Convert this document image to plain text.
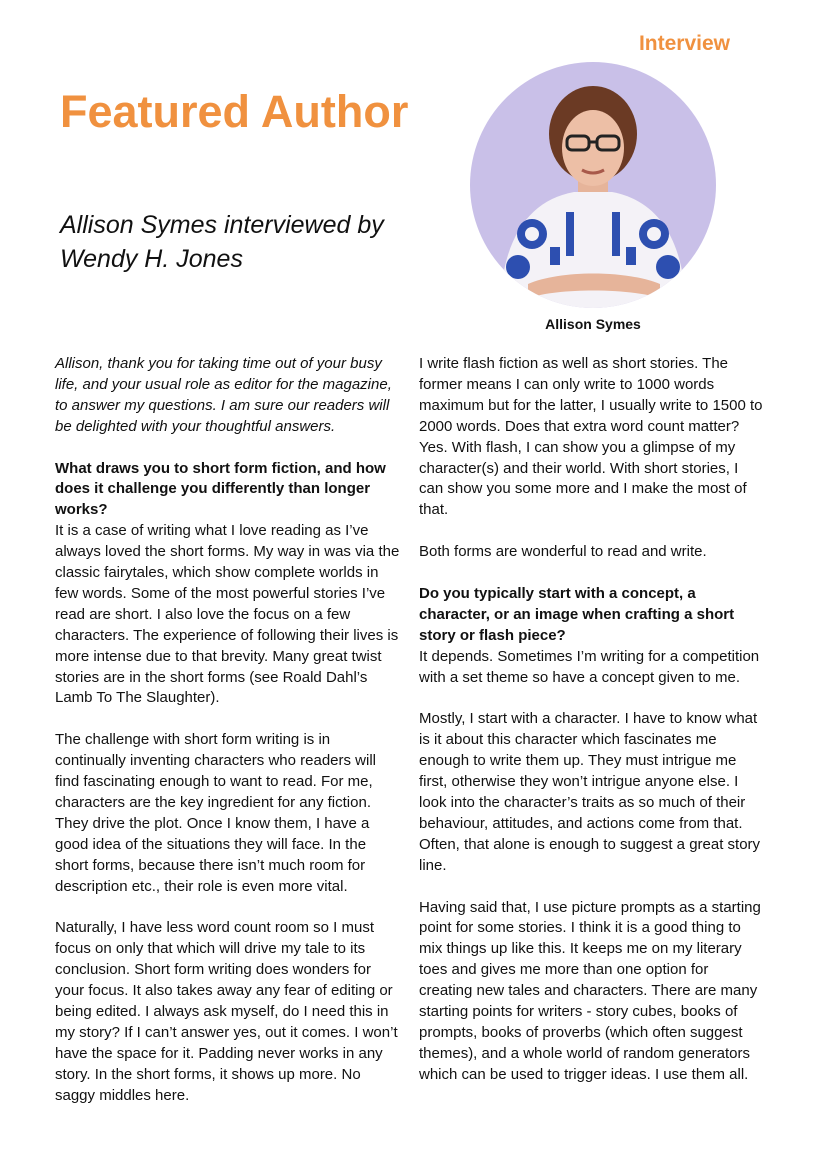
Interview
Featured Author
Allison Symes interviewed by Wendy H. Jones
Allison Symes

Allison, thank you for taking time out of your busy life, and your usual role as editor for the magazine, to answer my questions. I am sure our readers will be delighted with your thoughtful answers.

What draws you to short form fiction, and how does it challenge you differently than longer works?
It is a case of writing what I love reading as I’ve always loved the short forms. My way in was via the classic fairytales, which show complete worlds in few words. Some of the most powerful stories I’ve read are short. I also love the focus on a few characters. The experience of following their lives is more intense due to that brevity. Many great twist stories are in the short forms (see Roald Dahl’s Lamb To The Slaughter).

The challenge with short form writing is in continually inventing characters who readers will find fascinating enough to want to read. For me, characters are the key ingredient for any fiction. They drive the plot. Once I know them, I have a good idea of the situations they will face. In the short forms, because there isn’t much room for description etc., their role is even more vital.

Naturally, I have less word count room so I must focus on only that which will drive my tale to its conclusion. Short form writing does wonders for your focus. It also takes away any fear of editing or being edited. I always ask myself, do I need this in my story? If I can’t answer yes, out it comes. I won’t have the space for it. Padding never works in any story. In the short forms, it shows up more. No saggy middles here.

I write flash fiction as well as short stories. The former means I can only write to 1000 words maximum but for the latter, I usually write to 1500 to 2000 words. Does that extra word count matter? Yes. With flash, I can show you a glimpse of my character(s) and their world. With short stories, I can show you some more and I make the most of that.

Both forms are wonderful to read and write.

Do you typically start with a concept, a character, or an image when crafting a short story or flash piece?
It depends. Sometimes I’m writing for a competition with a set theme so have a concept given to me.

Mostly, I start with a character. I have to know what is it about this character which fascinates me enough to write them up. They must intrigue me first, otherwise they won’t intrigue anyone else. I look into the character’s traits as so much of their behaviour, attitudes, and actions come from that. Often, that alone is enough to suggest a great story line.

Having said that, I use picture prompts as a starting point for some stories. I think it is a good thing to mix things up like this. It keeps me on my literary toes and gives me more than one option for creating new tales and characters. There are many starting points for writers - story cubes, books of prompts, books of proverbs (which often suggest themes), and a whole world of random generators which can be used to trigger ideas. I use them all.
